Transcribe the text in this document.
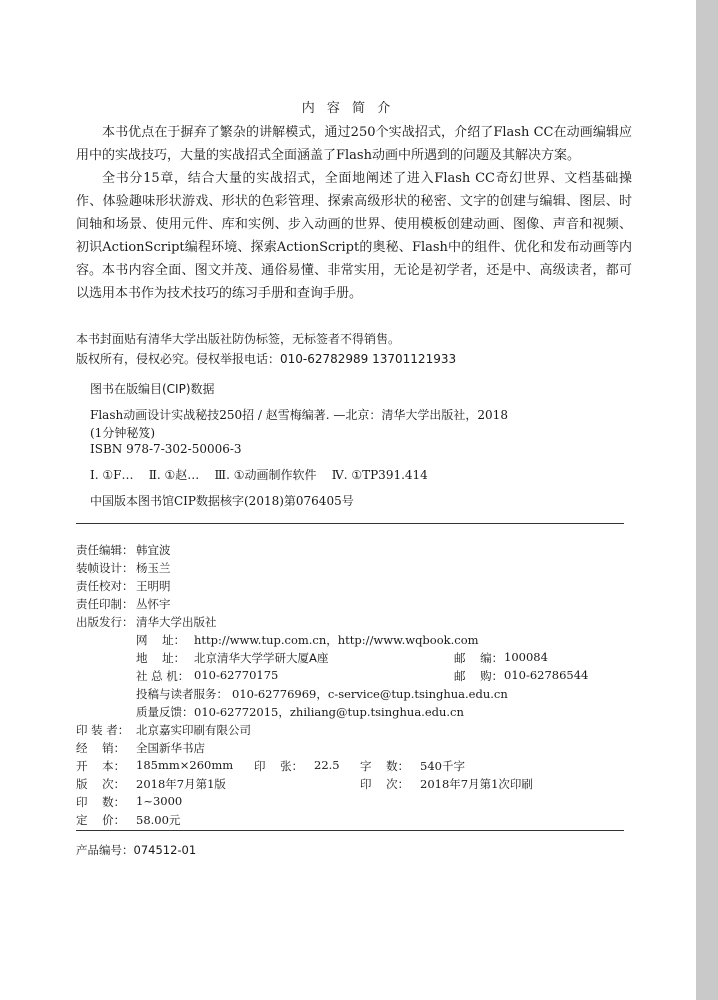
内 容 简 介
本书优点在于摒弃了繁杂的讲解模式，通过250个实战招式，介绍了Flash CC在动画编辑应用中的实战技巧，大量的实战招式全面涵盖了Flash动画中所遇到的问题及其解决方案。
全书分15章，结合大量的实战招式，全面地阐述了进入Flash CC奇幻世界、文档基础操作、体验趣味形状游戏、形状的色彩管理、探索高级形状的秘密、文字的创建与编辑、图层、时间轴和场景、使用元件、库和实例、步入动画的世界、使用模板创建动画、图像、声音和视频、初识ActionScript编程环境、探索ActionScript的奥秘、Flash中的组件、优化和发布动画等内容。 本书内容全面、图文并茂、通俗易懂、非常实用，无论是初学者，还是中、高级读者，都可以选用本书作为技术技巧的练习手册和查询手册。
本书封面贴有清华大学出版社防伪标签，无标签者不得销售。
版权所有，侵权必究。侵权举报电话：010-62782989 13701121933
图书在版编目(CIP)数据
Flash动画设计实战秘技250招 / 赵雪梅编著. —北京：清华大学出版社，2018
(1分钟秘笈)
ISBN 978-7-302-50006-3
Ⅰ. ①F…    Ⅱ. ①赵…    Ⅲ. ①动画制作软件    Ⅳ. ①TP391.414
中国版本图书馆CIP数据核字(2018)第076405号
责任编辑： 韩宜波
装帧设计： 杨玉兰
责任校对： 王明明
责任印制： 丛怀宇
出版发行： 清华大学出版社
网    址： http://www.tup.com.cn，http://www.wqbook.com
地    址： 北京清华大学学研大厦A座	邮    编： 100084
社 总 机： 010-62770175	邮    购： 010-62786544
投稿与读者服务： 010-62776969，c-service@tup.tsinghua.edu.cn
质量反馈： 010-62772015，zhiliang@tup.tsinghua.edu.cn
印 装 者： 北京嘉实印刷有限公司
经    销： 全国新华书店
开    本： 185mm×260mm 印    张： 22.5 字    数： 540千字
版    次： 2018年7月第1版	印    次： 2018年7月第1次印刷
印    数： 1~3000
定    价： 58.00元
产品编号：074512-01
